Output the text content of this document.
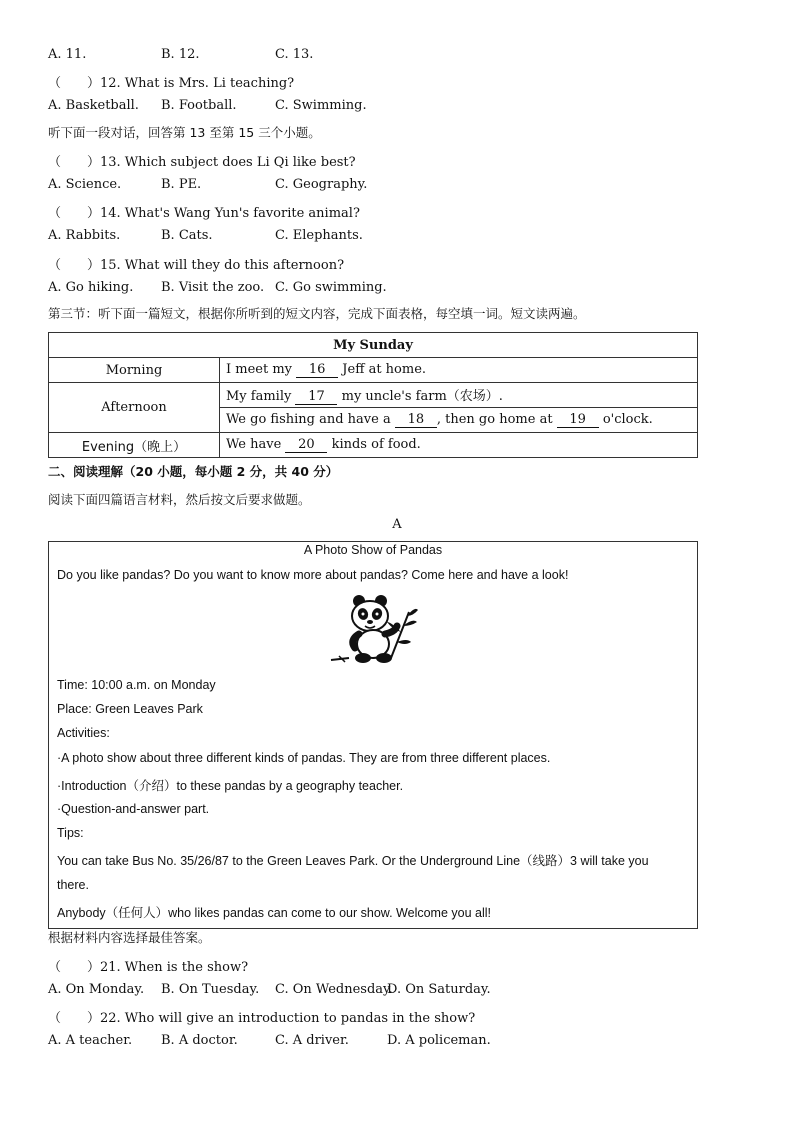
A. 11.	B. 12.	C. 13.
（　　）12. What is Mrs. Li teaching?
A. Basketball. B. Football.	C. Swimming.
听下面一段对话，回答第 13 至第 15 三个小题。
（　　）13. Which subject does Li Qi like best?
A. Science.	B. PE.	C. Geography.
（　　）14. What's Wang Yun's favorite animal?
A. Rabbits.	B. Cats.	C. Elephants.
（　　）15. What will they do this afternoon?
A. Go hiking. B. Visit the zoo. C. Go swimming.
第三节：听下面一篇短文，根据你所听到的短文内容，完成下面表格，每空填一词。短文读两遍。
My Sunday	
Morning	I meet my 16 Jeff at home.
Afternoon	My family 17 my uncle's farm（农场）.
	We go fishing and have a 18 , then go home at 19 o'clock.
Evening（晚上）	We have 20 kinds of food.
二、阅读理解（20 小题，每小题 2 分，共 40 分）
阅读下面四篇语言材料，然后按文后要求做题。
A
A Photo Show of Pandas
Do you like pandas? Do you want to know more about pandas? Come here and have a look!
Time: 10:00 a.m. on Monday
Place: Green Leaves Park
Activities:
·A photo show about three different kinds of pandas. They are from three different places.
·Introduction（介绍）to these pandas by a geography teacher.
·Question-and-answer part.
Tips:
You can take Bus No. 35/26/87 to the Green Leaves Park. Or the Underground Line（线路）3 will take you
there.
Anybody（任何人）who likes pandas can come to our show. Welcome you all!
根据材料内容选择最佳答案。
（　　）21. When is the show?
A. On Monday. B. On Tuesday. C. On Wednesday.
D. On Saturday.
（　　）22. Who will give an introduction to pandas in the show?
A. A teacher. B. A doctor.	C. A driver.	D. A policeman.
